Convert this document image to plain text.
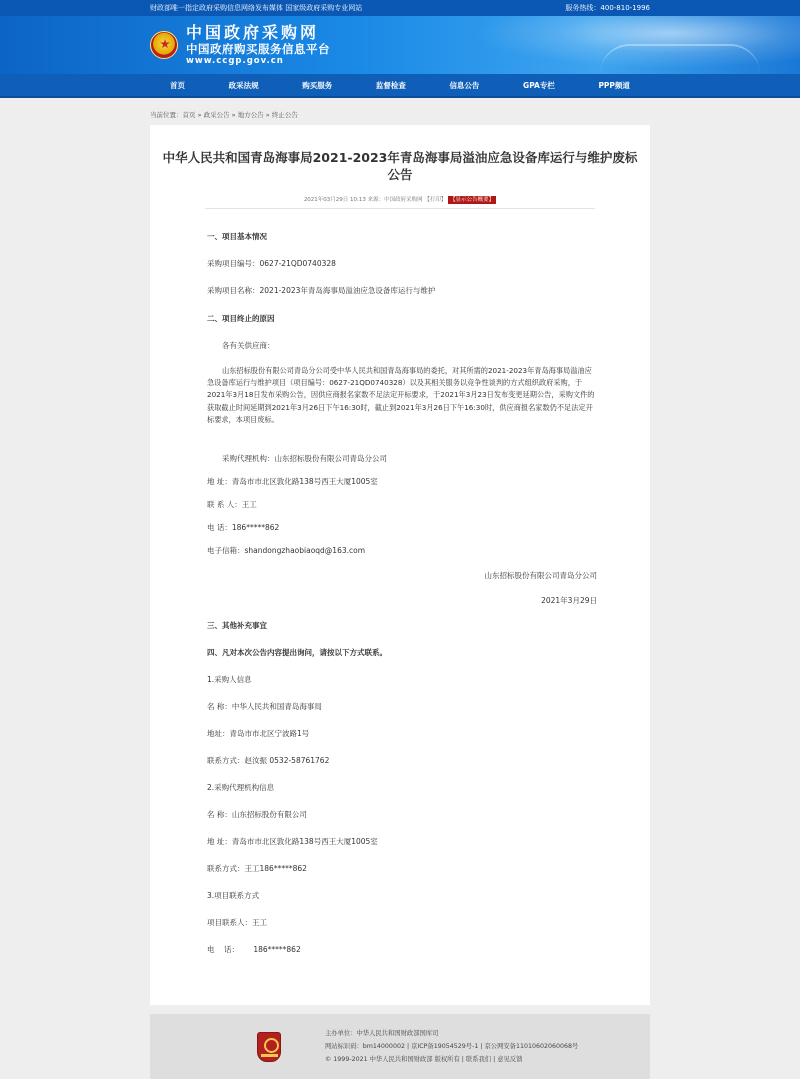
财政部唯一指定政府采购信息网络发布媒体 国家级政府采购专业网站	服务热线：400-810-1996
中国政府采购网
中国政府购买服务信息平台
www.ccgp.gov.cn
首页	政采法规	购买服务	监督检查	信息公告	GPA专栏	PPP频道
当前位置：首页 » 政采公告 » 地方公告 » 终止公告
中华人民共和国青岛海事局2021-2023年青岛海事局溢油应急设备库运行与维护废标公告
2021年03月29日 10:13 来源：中国政府采购网 【打印】 【显示公告概要】
一、项目基本情况
采购项目编号：0627-21QD0740328
采购项目名称：2021-2023年青岛海事局溢油应急设备库运行与维护
二、项目终止的原因
各有关供应商：
山东招标股份有限公司青岛分公司受中华人民共和国青岛海事局的委托，对其所需的2021-2023年青岛海事局溢油应急设备库运行与维护项目（项目编号：0627-21QD0740328）以及其相关服务以竞争性谈判的方式组织政府采购，于2021年3月18日发布采购公告，因供应商报名家数不足法定开标要求，于2021年3月23日发布变更延期公告，采购文件的获取截止时间延期到2021年3月26日下午16:30时，截止到2021年3月26日下午16:30时，供应商报名家数仍不足法定开标要求，本项目废标。
采购代理机构：山东招标股份有限公司青岛分公司
地 址：青岛市市北区敦化路138号西王大厦1005室
联 系 人：王工
电 话：186*****862
电子信箱：shandongzhaobiaoqd@163.com
山东招标股份有限公司青岛分公司
2021年3月29日
三、其他补充事宜
四、凡对本次公告内容提出询问，请按以下方式联系。
1.采购人信息
名 称：中华人民共和国青岛海事局
地址：青岛市市北区宁波路1号
联系方式：赵汝振 0532-58761762
2.采购代理机构信息
名 称：山东招标股份有限公司
地 址：青岛市市北区敦化路138号西王大厦1005室
联系方式：王工186*****862
3.项目联系方式
项目联系人：王工
电    话：      186*****862
主办单位：中华人民共和国财政部国库司
网站标识码：bm14000002 | 京ICP备19054529号-1 | 京公网安备11010602060068号
© 1999-2021 中华人民共和国财政部 版权所有 | 联系我们 | 意见反馈
